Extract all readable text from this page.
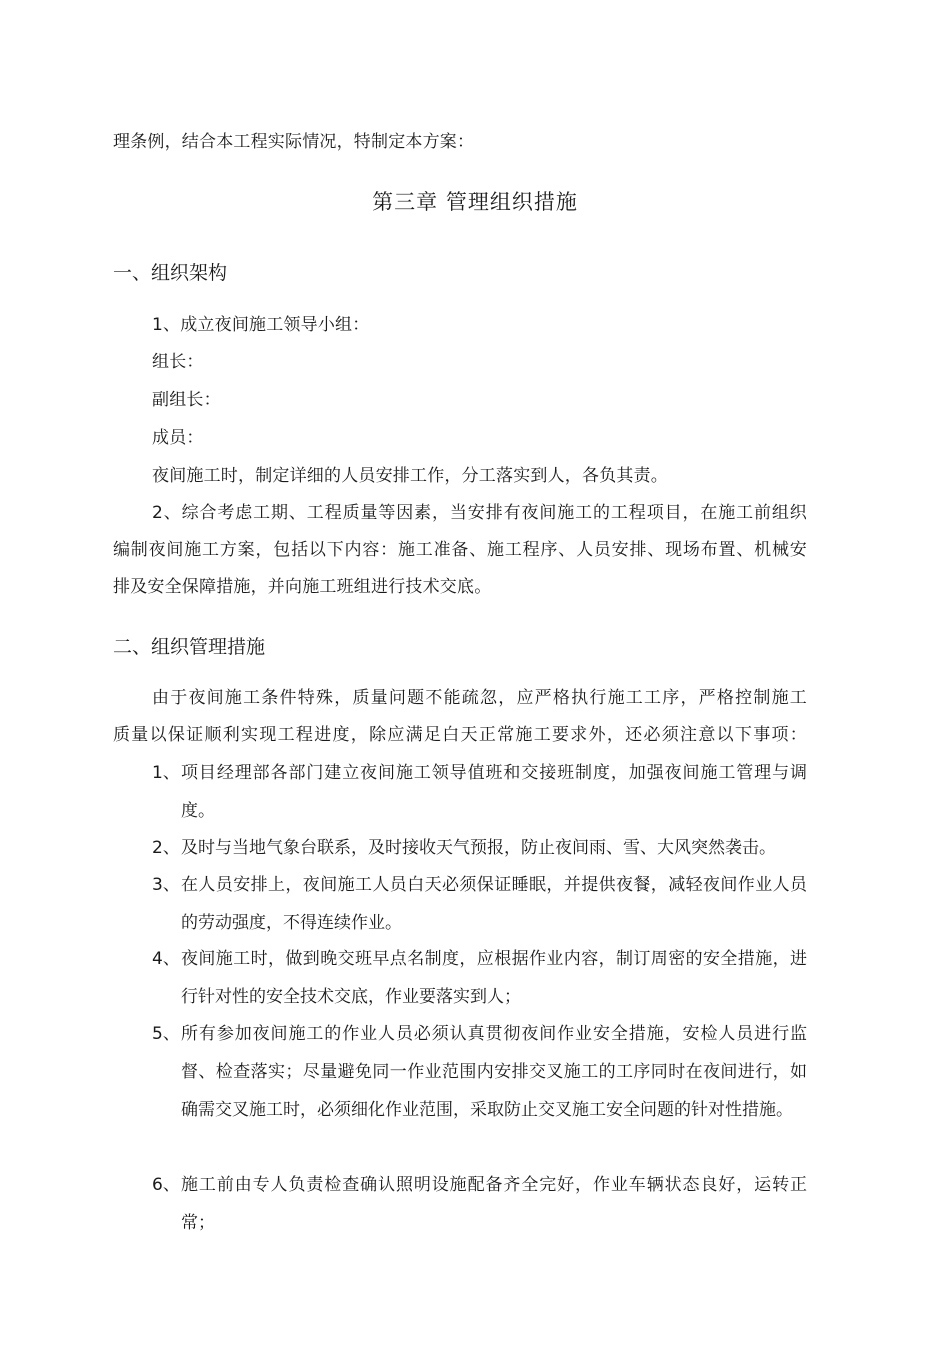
理条例，结合本工程实际情况，特制定本方案：
第三章 管理组织措施
一、组织架构
1、成立夜间施工领导小组：
组长：
副组长：
成员：
夜间施工时，制定详细的人员安排工作，分工落实到人，各负其责。
2、综合考虑工期、工程质量等因素，当安排有夜间施工的工程项目，在施工前组织
编制夜间施工方案，包括以下内容：施工准备、施工程序、人员安排、现场布置、机械安
排及安全保障措施，并向施工班组进行技术交底。
二、组织管理措施
由于夜间施工条件特殊，质量问题不能疏忽，应严格执行施工工序，严格控制施工
质量以保证顺利实现工程进度，除应满足白天正常施工要求外，还必须注意以下事项：
1、 项目经理部各部门建立夜间施工领导值班和交接班制度，加强夜间施工管理与调度。
2、 及时与当地气象台联系，及时接收天气预报，防止夜间雨、雪、大风突然袭击。
3、 在人员安排上，夜间施工人员白天必须保证睡眠，并提供夜餐，减轻夜间作业人员的劳动强度，不得连续作业。
4、 夜间施工时，做到晚交班早点名制度，应根据作业内容，制订周密的安全措施，进行针对性的安全技术交底，作业要落实到人；
5、 所有参加夜间施工的作业人员必须认真贯彻夜间作业安全措施，安检人员进行监督、检查落实；尽量避免同一作业范围内安排交叉施工的工序同时在夜间进行，如确需交叉施工时，必须细化作业范围，采取防止交叉施工安全问题的针对性措施。
6、 施工前由专人负责检查确认照明设施配备齐全完好，作业车辆状态良好，运转正常；
